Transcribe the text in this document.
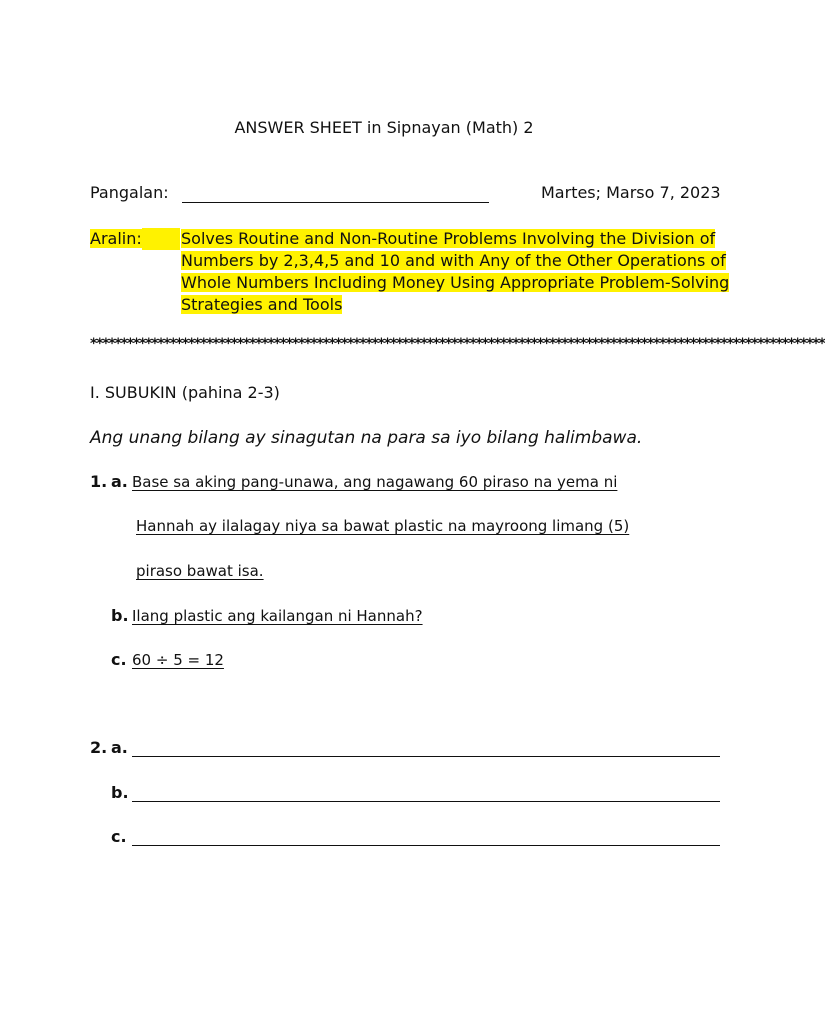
ANSWER SHEET in Sipnayan (Math) 2
Pangalan:	Martes; Marso 7, 2023
Aralin:	Solves Routine and Non-Routine Problems Involving the Division of Numbers by 2,3,4,5 and 10 and with Any of the Other Operations of Whole Numbers Including Money Using Appropriate Problem-Solving Strategies and Tools
************************************************************************************************************************
I. SUBUKIN (pahina 2-3)
Ang unang bilang ay sinagutan na para sa iyo bilang halimbawa.
1. a. Base sa aking pang-unawa, ang nagawang 60 piraso na yema ni
Hannah ay ilalagay niya sa bawat plastic na mayroong limang (5)
piraso bawat isa.
b. Ilang plastic ang kailangan ni Hannah?
c. 60 ÷ 5 = 12
2. a.
b.
c.
